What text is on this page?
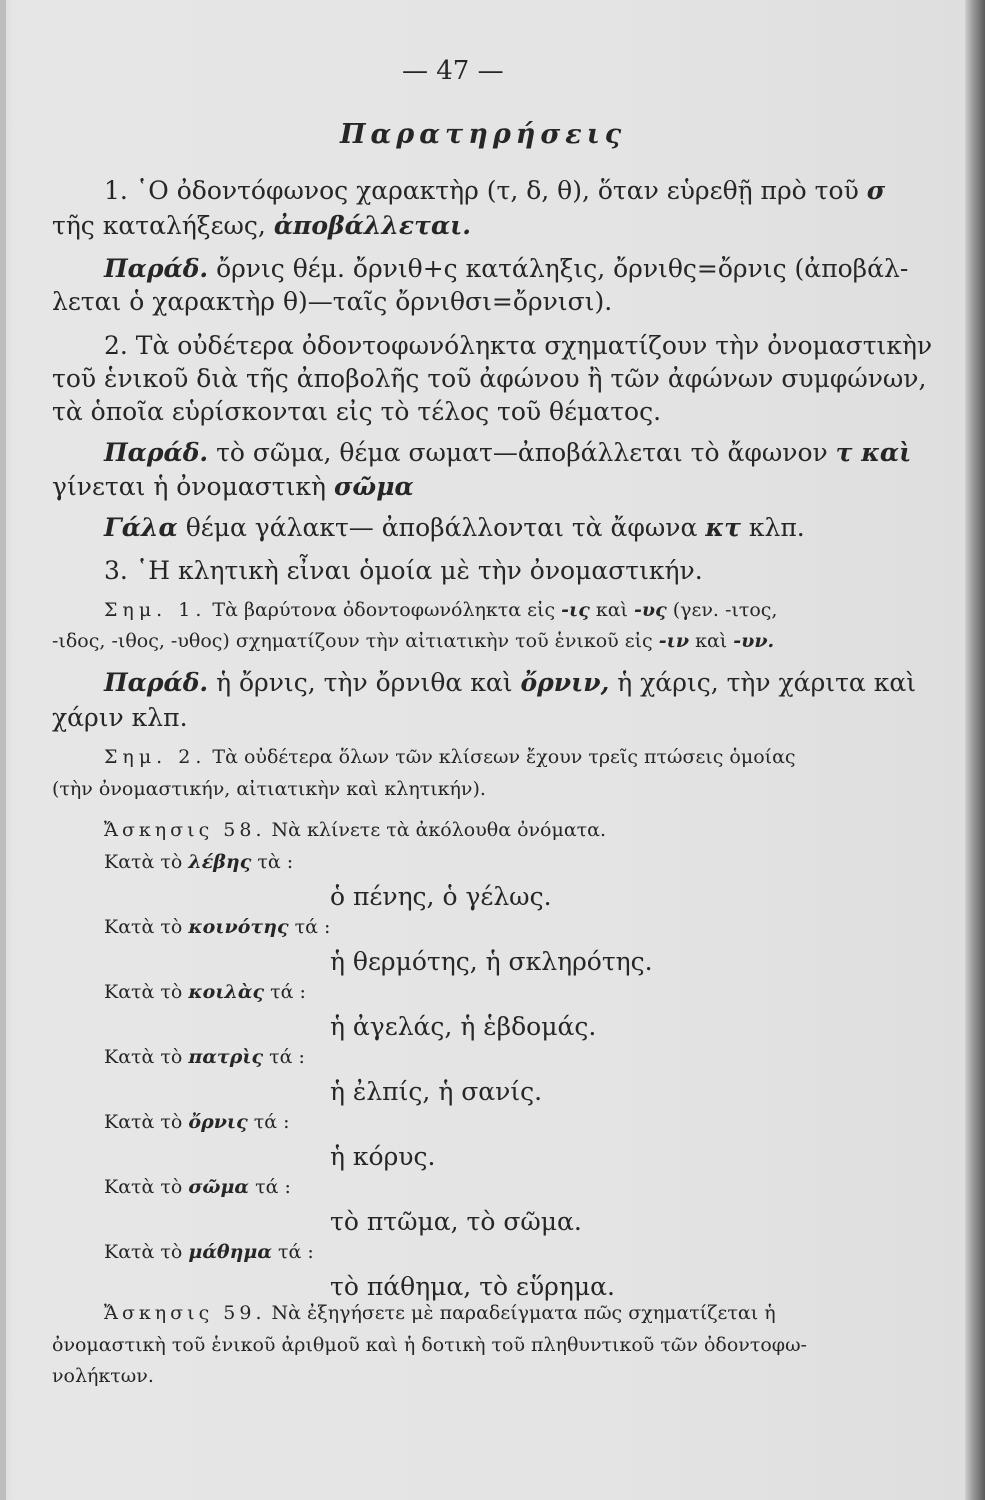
— 47 —
Παρατηρήσεις
1. ῾Ο ὀδοντόφωνος χαρακτὴρ (τ, δ, θ), ὅταν εὑρεθῇ πρὸ τοῦ σ
τῆς καταλήξεως, ἀποβάλλεται.
Παράδ. ὄρνις θέμ. ὄρνιθ+ς κατάληξις, ὄρνιθς=ὄρνις (ἀποβάλ-
λεται ὁ χαρακτὴρ θ)—ταῖς ὄρνιθσι=ὄρνισι).
2. Τὰ οὐδέτερα ὀδοντοφωνόληκτα σχηματίζουν τὴν ὀνομαστικὴν
τοῦ ἑνικοῦ διὰ τῆς ἀποβολῆς τοῦ ἀφώνου ἢ τῶν ἀφώνων συμφώνων,
τὰ ὁποῖα εὑρίσκονται εἰς τὸ τέλος τοῦ θέματος.
Παράδ. τὸ σῶμα, θέμα σωματ—ἀποβάλλεται τὸ ἄφωνον τ καὶ
γίνεται ἡ ὀνομαστικὴ σῶμα
Γάλα θέμα γάλακτ— ἀποβάλλονται τὰ ἄφωνα κτ κλπ.
3. ῾Η κλητικὴ εἶναι ὁμοία μὲ τὴν ὀνομαστικήν.
Σημ. 1. Τὰ βαρύτονα ὀδοντοφωνόληκτα εἰς -ις καὶ -υς (γεν. -ιτος,
-ιδος, -ιθος, -υθος) σχηματίζουν τὴν αἰτιατικὴν τοῦ ἑνικοῦ εἰς -ιν καὶ -υν.
Παράδ. ἡ ὄρνις, τὴν ὄρνιθα καὶ ὄρνιν, ἡ χάρις, τὴν χάριτα καὶ
χάριν κλπ.
Σημ. 2. Τὰ οὐδέτερα ὅλων τῶν κλίσεων ἔχουν τρεῖς πτώσεις ὁμοίας
(τὴν ὀνομαστικήν, αἰτιατικὴν καὶ κλητικήν).
Ἄσκησις 58. Νὰ κλίνετε τὰ ἀκόλουθα ὀνόματα.
Κατὰ τὸ λέβης τὰ :
ὁ πένης, ὁ γέλως.
Κατὰ τὸ κοινότης τά :
ἡ θερμότης, ἡ σκληρότης.
Κατὰ τὸ κοιλὰς τά :
ἡ ἀγελάς, ἡ ἑβδομάς.
Κατὰ τὸ πατρὶς τά :
ἡ ἐλπίς, ἡ σανίς.
Κατὰ τὸ ὄρνις τά :
ἡ κόρυς.
Κατὰ τὸ σῶμα τά :
τὸ πτῶμα, τὸ σῶμα.
Κατὰ τὸ μάθημα τά :
τὸ πάθημα, τὸ εὕρημα.
Ἄσκησις 59. Νὰ ἐξηγήσετε μὲ παραδείγματα πῶς σχηματίζεται ἡ
ὀνομαστικὴ τοῦ ἑνικοῦ ἀριθμοῦ καὶ ἡ δοτικὴ τοῦ πληθυντικοῦ τῶν ὀδοντοφω-
νολήκτων.
